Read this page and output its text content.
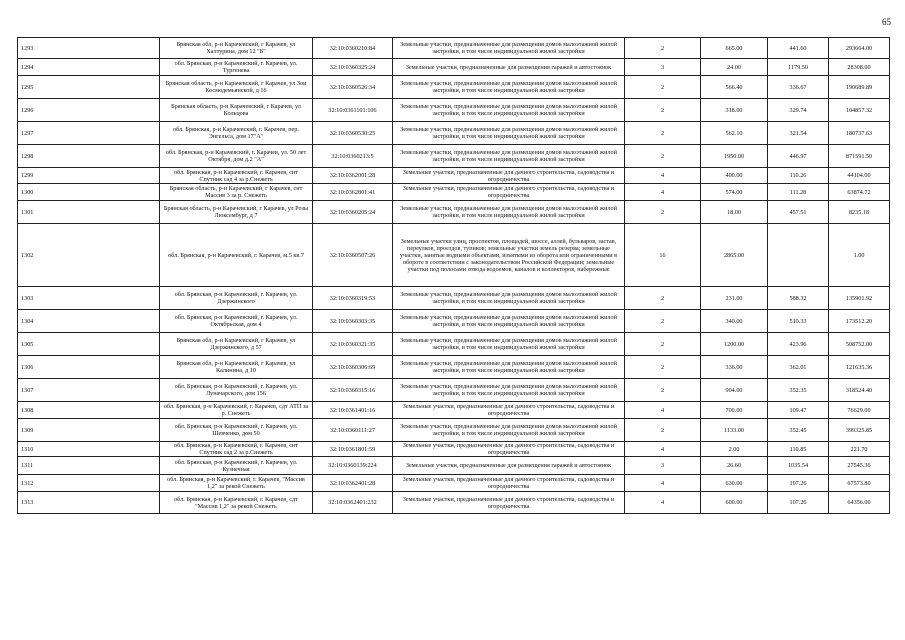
65
1293	Брянская обл, р-н Карачевский, г Карачев, ул Халтурина, дом 12 "Б"	32:10:0360210:84	Земельные участки, предназначенные для размещения домов малоэтажной жилой застройки, в том числе индивидуальной жилой застройки	2	665.00	441.60	293664.00
1294	обл. Брянская, р-н Карачевский, г. Карачев, ул. Тургенева	32:10:0360325:24	Земельные участки, предназначенные для размещения гаражей и автостоянок	3	24.00	1179.50	28308.00
1295	Брянская область, р-н Карачевский, г Карачев, ул Зои Космодемьянской, д 16	32:10:0360526:34	Земельные участки, предназначенные для размещения домов малоэтажной жилой застройки, в том числе индивидуальной жилой застройки	2	566.40	336.67	190689.89
1296	Брянская область, р-н Карачевский, г Карачев, ул Кольцова	32:10:0361101:106	Земельные участки, предназначенные для размещения домов малоэтажной жилой застройки, в том числе индивидуальной жилой застройки	2	318.00	329.74	104857.32
1297	обл. Брянская, р-н Карачевский, г. Карачев, пер. Энгельса, дом 17"А"	32:10:0360530:25	Земельные участки, предназначенные для размещения домов малоэтажной жилой застройки, в том числе индивидуальной жилой застройки	2	562.10	321.54	180737.63
1298	обл. Брянская, р-н Карачевский, г. Карачев, ул. 50 лет Октября, дом д.2 "А"	32:10:0360213:5	Земельные участки, предназначенные для размещения домов малоэтажной жилой застройки, в том числе индивидуальной жилой застройки	2	1950.00	446.97	871591.50
1299	обл. Брянская, р-н Карачевский, г. Карачев, снт Спутник сад 4 за р.Снежеть	32:10:0362001:28	Земельные участки, предназначенные для дачного строительства, садоводства и огородничества	4	400.00	110.26	44104.00
1300	Брянская область, р-н Карачевский, г Карачев, снт Массив 3 за р. Снежеть	32:10:0362801:41	Земельные участки, предназначенные для дачного строительства, садоводства и огородничества	4	574.00	111.28	63874.72
1301	Брянская область, р-н Карачевский, г Карачев, ул Розы Люксембург, д 7	32:10:0360205:24	Земельные участки, предназначенные для размещения домов малоэтажной жилой застройки, в том числе индивидуальной жилой застройки	2	18.00	457.51	8235.18
1302	обл. Брянская, р-н Карачевский, г. Карачев, м.5 кв.7	32:10:0360507:26	Земельные участки улиц, проспектов, площадей, шоссе, аллей, бульваров, застав, переулков, проездов, тупиков; земельные участки земель резерва; земельные участки, занятые водными объектами, изъятыми из оборота или ограниченными в обороте в соответствии с законодательством Российской Федерации; земельные участки под полосами отвода водоемов, каналов и коллекторов, набережные	16	2865.00		1.00
1303	обл. Брянская, р-н Карачевский, г. Карачев, ул. Дзержинского	32:10:0360319:53	Земельные участки, предназначенные для размещения домов малоэтажной жилой застройки, в том числе индивидуальной жилой застройки	2	231.00	588.32	135901.92
1304	обл. Брянская, р-н Карачевский, г. Карачев, ул. Октябрьская, дом 4	32:10:0360303:35	Земельные участки, предназначенные для размещения домов малоэтажной жилой застройки, в том числе индивидуальной жилой застройки	2	340.00	510.33	173512.20
1305	Брянская обл, р-н Карачевский, г Карачев, ул Дзержинского, д 57	32:10:0360321:35	Земельные участки, предназначенные для размещения домов малоэтажной жилой застройки, в том числе индивидуальной жилой застройки	2	1200.00	423.96	508752.00
1306	Брянская обл, р-н Карачевский, г Карачев, ул Калинина, д 10	32:10:0360306:69	Земельные участки, предназначенные для размещения домов малоэтажной жилой застройки, в том числе индивидуальной жилой застройки	2	336.00	362.01	121635.36
1307	обл. Брянская, р-н Карачевский, г. Карачев, ул. Луначарского, дом 156	32:10:0360315:16	Земельные участки, предназначенные для размещения домов малоэтажной жилой застройки, в том числе индивидуальной жилой застройки	2	904.00	352.35	318524.40
1308	обл. Брянская, р-н Карачевский, г. Карачев, сдт АТП за р. Снежеть	32:10:0361401:16	Земельные участки, предназначенные для дачного строительства, садоводства и огородничества	4	700.00	109.47	76629.00
1309	обл. Брянская, р-н Карачевский, г. Карачев, ул. Шевченко, дом 50	32:10:0360111:27	Земельные участки, предназначенные для размещения домов малоэтажной жилой застройки, в том числе индивидуальной жилой застройки	2	1133.00	352.45	399325.85
1310	обл. Брянская, р-н Карачевский, г. Карачев, снт Спутник сад 2 за р.Снежеть	32:10:0361801:59	Земельные участки, предназначенные для дачного строительства, садоводства и огородничества	4	2.00	110.85	221.70
1311	обл. Брянская, р-н Карачевский, г. Карачев, ул. Кузнечная	32:10:0360139:224	Земельные участки, предназначенные для размещения гаражей и автостоянок	3	26.60	1035.54	27545.36
1312	обл. Брянская, р-н Карачевский, г. Карачев, "Массив 1,2" за рекой Снежеть	32:10:0362401:28	Земельные участки, предназначенные для дачного строительства, садоводства и огородничества	4	630.00	107.26	67573.80
1313	обл. Брянская, р-н Карачевский, г. Карачев, сдт "Массив 1,2" за рекой Снежеть	32:10:0362401:232	Земельные участки, предназначенные для дачного строительства, садоводства и огородничества	4	600.00	107.26	64356.00
